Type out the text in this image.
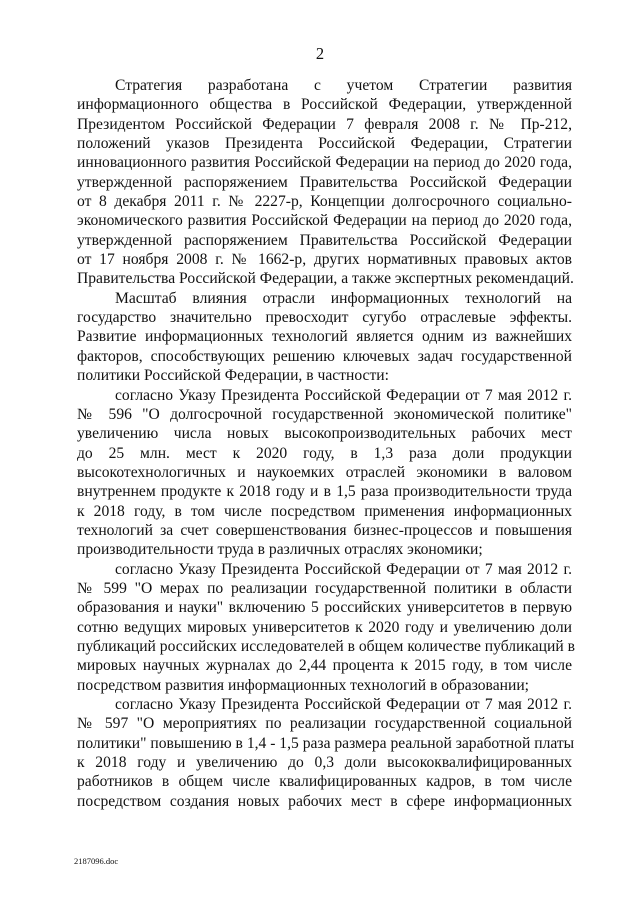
2
Стратегия разработана с учетом Стратегии развития
информационного общества в Российской Федерации, утвержденной
Президентом Российской Федерации 7 февраля 2008 г. № Пр-212,
положений указов Президента Российской Федерации, Стратегии
инновационного развития Российской Федерации на период до 2020 года,
утвержденной распоряжением Правительства Российской Федерации
от 8 декабря 2011 г. № 2227-р, Концепции долгосрочного социально-
экономического развития Российской Федерации на период до 2020 года,
утвержденной распоряжением Правительства Российской Федерации
от 17 ноября 2008 г. № 1662-р, других нормативных правовых актов
Правительства Российской Федерации, а также экспертных рекомендаций.
Масштаб влияния отрасли информационных технологий на
государство значительно превосходит сугубо отраслевые эффекты.
Развитие информационных технологий является одним из важнейших
факторов, способствующих решению ключевых задач государственной
политики Российской Федерации, в частности:
согласно Указу Президента Российской Федерации от 7 мая 2012 г.
№ 596 "О долгосрочной государственной экономической политике"
увеличению числа новых высокопроизводительных рабочих мест
до 25 млн. мест к 2020 году, в 1,3 раза доли продукции
высокотехнологичных и наукоемких отраслей экономики в валовом
внутреннем продукте к 2018 году и в 1,5 раза производительности труда
к 2018 году, в том числе посредством применения информационных
технологий за счет совершенствования бизнес-процессов и повышения
производительности труда в различных отраслях экономики;
согласно Указу Президента Российской Федерации от 7 мая 2012 г.
№ 599 "О мерах по реализации государственной политики в области
образования и науки" включению 5 российских университетов в первую
сотню ведущих мировых университетов к 2020 году и увеличению доли
публикаций российских исследователей в общем количестве публикаций в
мировых научных журналах до 2,44 процента к 2015 году, в том числе
посредством развития информационных технологий в образовании;
согласно Указу Президента Российской Федерации от 7 мая 2012 г.
№ 597 "О мероприятиях по реализации государственной социальной
политики" повышению в 1,4 - 1,5 раза размера реальной заработной платы
к 2018 году и увеличению до 0,3 доли высококвалифицированных
работников в общем числе квалифицированных кадров, в том числе
посредством создания новых рабочих мест в сфере информационных
2187096.doc
